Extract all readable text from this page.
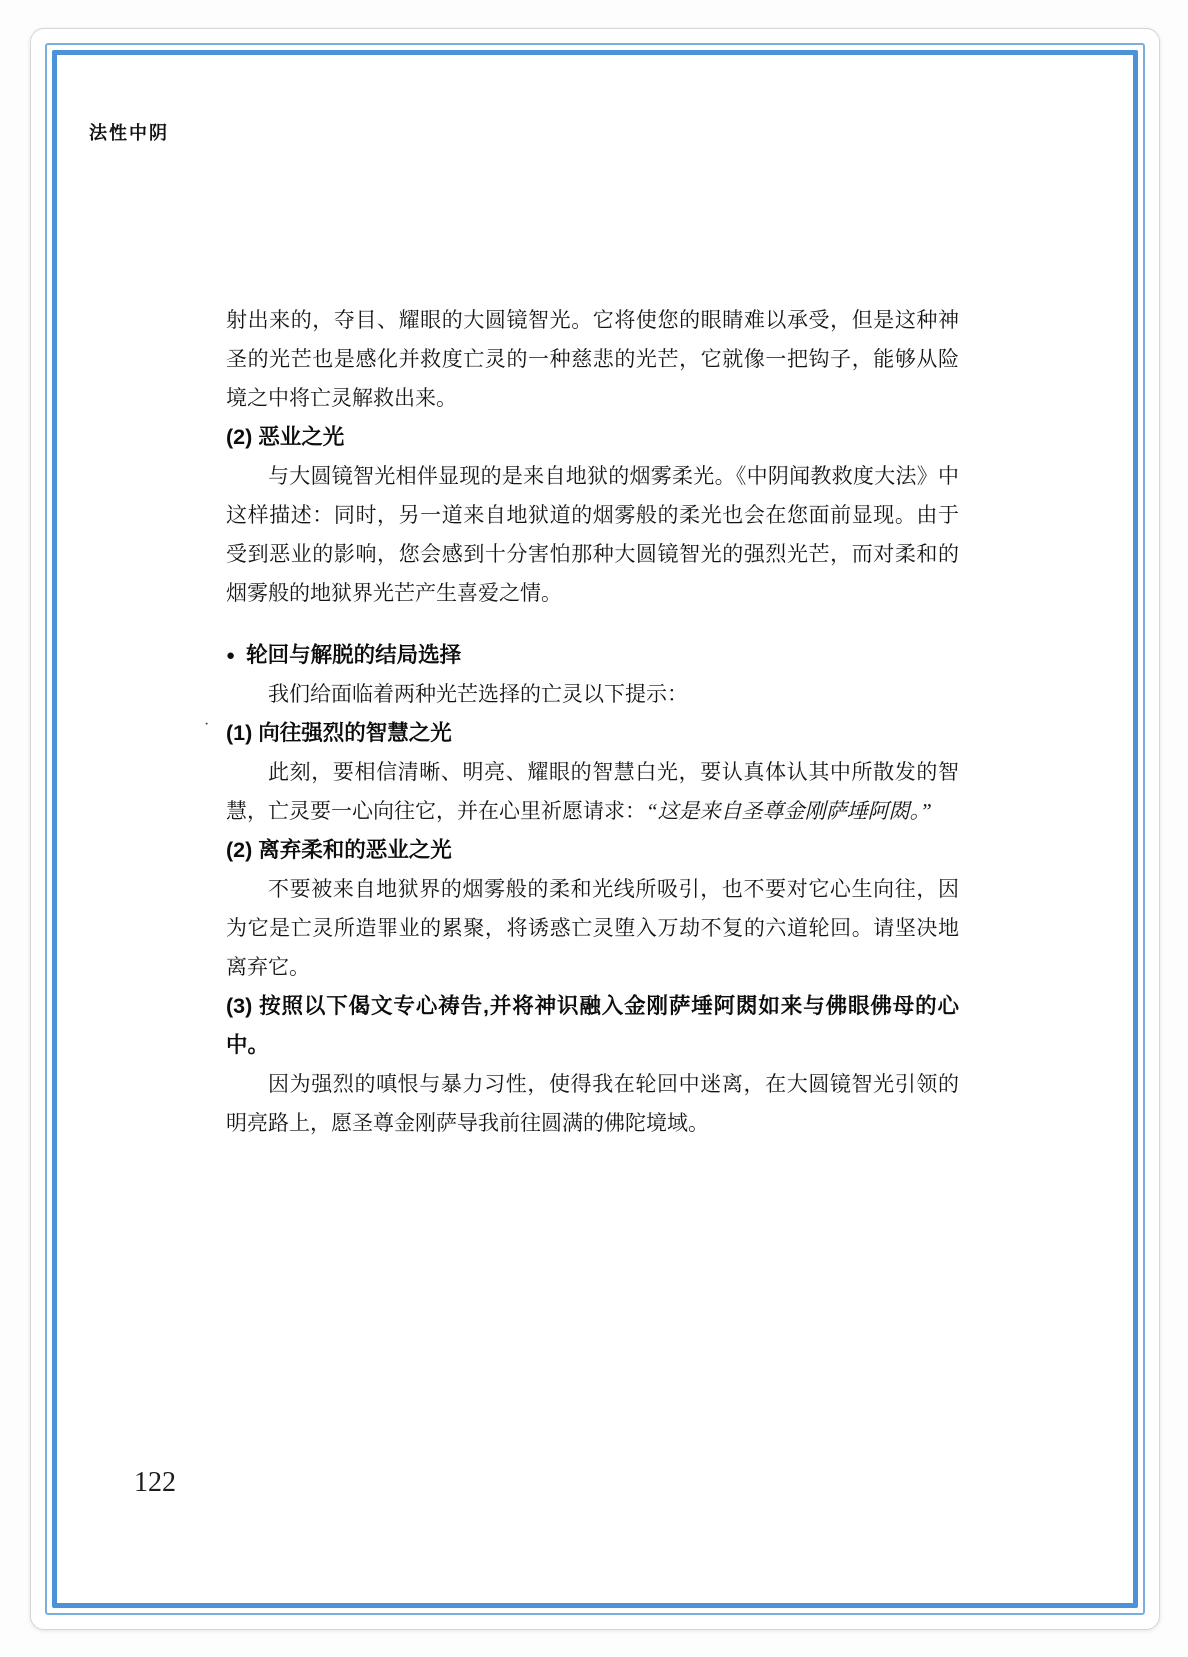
法性中阴

射出来的，夺目、耀眼的大圆镜智光。它将使您的眼睛难以承受，但是这种神圣的光芒也是感化并救度亡灵的一种慈悲的光芒，它就像一把钩子，能够从险境之中将亡灵解救出来。

(2) 恶业之光

与大圆镜智光相伴显现的是来自地狱的烟雾柔光。《中阴闻教救度大法》中这样描述：同时，另一道来自地狱道的烟雾般的柔光也会在您面前显现。由于受到恶业的影响，您会感到十分害怕那种大圆镜智光的强烈光芒，而对柔和的烟雾般的地狱界光芒产生喜爱之情。

● 轮回与解脱的结局选择

我们给面临着两种光芒选择的亡灵以下提示：

(1) 向往强烈的智慧之光

此刻，要相信清晰、明亮、耀眼的智慧白光，要认真体认其中所散发的智慧，亡灵要一心向往它，并在心里祈愿请求：“这是来自圣尊金刚萨埵阿閦。”

(2) 离弃柔和的恶业之光

不要被来自地狱界的烟雾般的柔和光线所吸引，也不要对它心生向往，因为它是亡灵所造罪业的累聚，将诱惑亡灵堕入万劫不复的六道轮回。请坚决地离弃它。

(3) 按照以下偈文专心祷告,并将神识融入金刚萨埵阿閦如来与佛眼佛母的心中。

因为强烈的嗔恨与暴力习性，使得我在轮回中迷离，在大圆镜智光引领的明亮路上，愿圣尊金刚萨导我前往圆满的佛陀境域。

·
122
